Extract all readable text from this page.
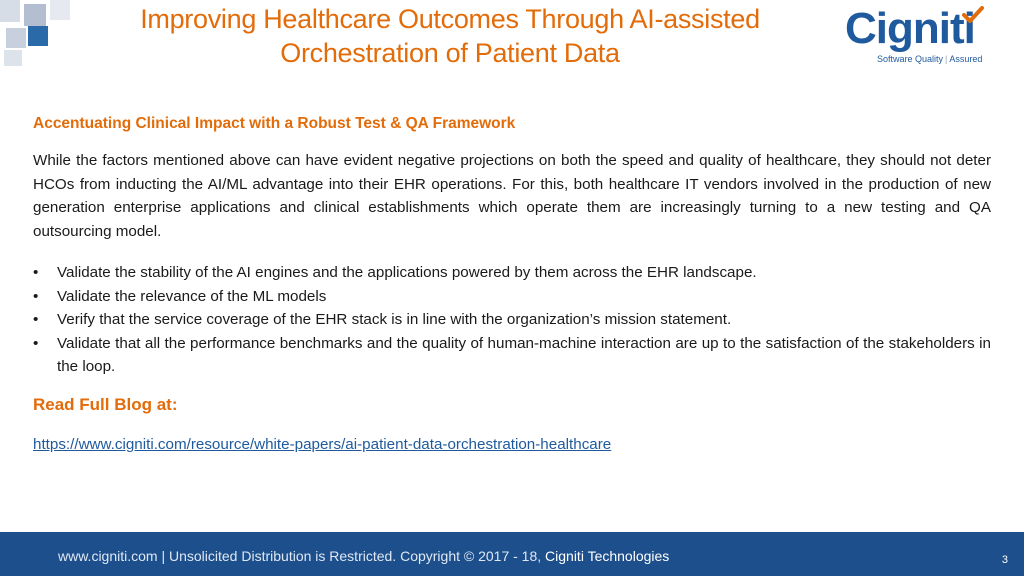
Improving Healthcare Outcomes Through AI-assisted
Orchestration of Patient Data	Cigniti
Software Quality | Assured
Accentuating Clinical Impact with a Robust Test & QA Framework
While the factors mentioned above can have evident negative projections on both the speed and quality of healthcare, they should not deter HCOs from inducting the AI/ML advantage into their EHR operations. For this, both healthcare IT vendors involved in the production of new generation enterprise applications and clinical establishments which operate them are increasingly turning to a new testing and QA outsourcing model.
• Validate the stability of the AI engines and the applications powered by them across the EHR landscape.
• Validate the relevance of the ML models
• Verify that the service coverage of the EHR stack is in line with the organization’s mission statement.
• Validate that all the performance benchmarks and the quality of human-machine interaction are up to the satisfaction of the stakeholders in the loop.
Read Full Blog at:
https://www.cigniti.com/resource/white-papers/ai-patient-data-orchestration-healthcare
www.cigniti.com | Unsolicited Distribution is Restricted. Copyright © 2017 - 18, Cigniti Technologies	3
